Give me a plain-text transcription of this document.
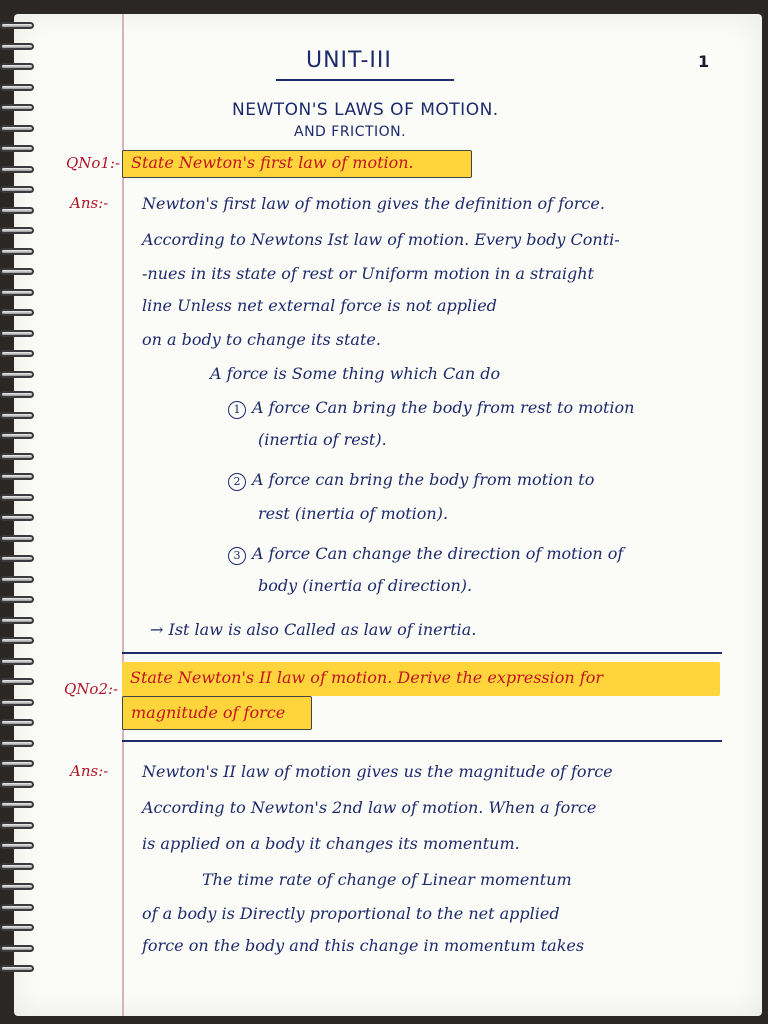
1
UNIT-III
NEWTON'S LAWS OF MOTION.
AND FRICTION.
QNo1:- State Newton's first law of motion.
Ans:- Newton's first law of motion gives the definition of force.
According to Newtons Ist law of motion. Every body Conti-
-nues in its state of rest or Uniform motion in a straight
line Unless net external force is not applied
on a body to change its state.
A force is Some thing which Can do
1 A force Can bring the body from rest to motion
(inertia of rest).
2 A force can bring the body from motion to
rest (inertia of motion).
3 A force Can change the direction of motion of
body (inertia of direction).
→ Ist law is also Called as law of inertia.
QNo2:-
State Newton's II law of motion. Derive the expression for
magnitude of force
Ans:- Newton's II law of motion gives us the magnitude of force
According to Newton's 2nd law of motion. When a force
is applied on a body it changes its momentum.
The time rate of change of Linear momentum
of a body is Directly proportional to the net applied
force on the body and this change in momentum takes
